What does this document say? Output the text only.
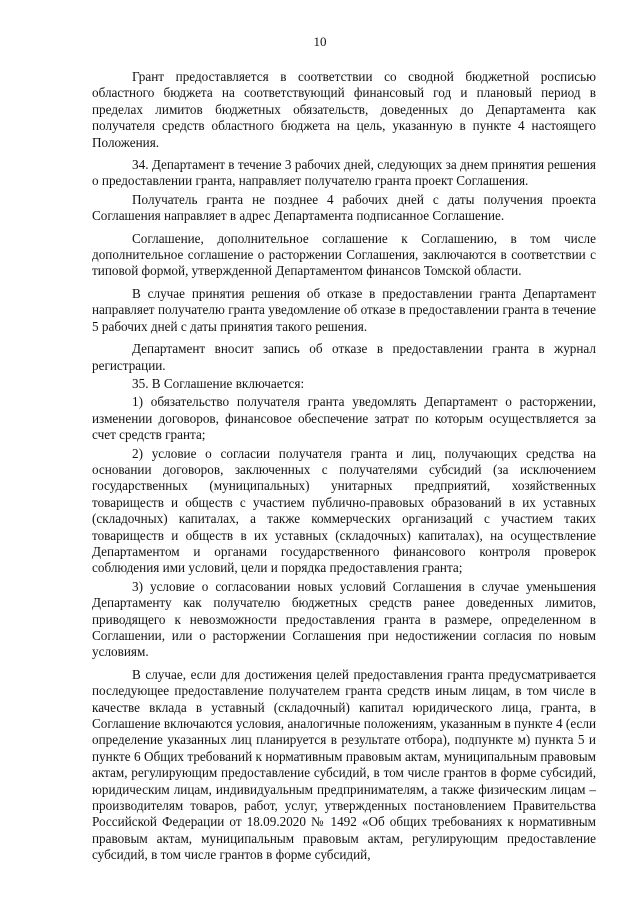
10

Грант предоставляется в соответствии со сводной бюджетной росписью областного бюджета на соответствующий финансовый год и плановый период в пределах лимитов бюджетных обязательств, доведенных до Департамента как получателя средств областного бюджета на цель, указанную в пункте 4 настоящего Положения.

34. Департамент в течение 3 рабочих дней, следующих за днем принятия решения о предоставлении гранта, направляет получателю гранта проект Соглашения.

Получатель гранта не позднее 4 рабочих дней с даты получения проекта Соглашения направляет в адрес Департамента подписанное Соглашение.

Соглашение, дополнительное соглашение к Соглашению, в том числе дополнительное соглашение о расторжении Соглашения, заключаются в соответствии с типовой формой, утвержденной Департаментом финансов Томской области.

В случае принятия решения об отказе в предоставлении гранта Департамент направляет получателю гранта уведомление об отказе в предоставлении гранта в течение 5 рабочих дней с даты принятия такого решения.

Департамент вносит запись об отказе в предоставлении гранта в журнал регистрации.

35. В Соглашение включается:

1) обязательство получателя гранта уведомлять Департамент о расторжении, изменении договоров, финансовое обеспечение затрат по которым осуществляется за счет средств гранта;

2) условие о согласии получателя гранта и лиц, получающих средства на основании договоров, заключенных с получателями субсидий (за исключением государственных (муниципальных) унитарных предприятий, хозяйственных товариществ и обществ с участием публично-правовых образований в их уставных (складочных) капиталах, а также коммерческих организаций с участием таких товариществ и обществ в их уставных (складочных) капиталах), на осуществление Департаментом и органами государственного финансового контроля проверок соблюдения ими условий, цели и порядка предоставления гранта;

3) условие о согласовании новых условий Соглашения в случае уменьшения Департаменту как получателю бюджетных средств ранее доведенных лимитов, приводящего к невозможности предоставления гранта в размере, определенном в Соглашении, или о расторжении Соглашения при недостижении согласия по новым условиям.

В случае, если для достижения целей предоставления гранта предусматривается последующее предоставление получателем гранта средств иным лицам, в том числе в качестве вклада в уставный (складочный) капитал юридического лица, гранта, в Соглашение включаются условия, аналогичные положениям, указанным в пункте 4 (если определение указанных лиц планируется в результате отбора), подпункте м) пункта 5 и пункте 6 Общих требований к нормативным правовым актам, муниципальным правовым актам, регулирующим предоставление субсидий, в том числе грантов в форме субсидий, юридическим лицам, индивидуальным предпринимателям, а также физическим лицам – производителям товаров, работ, услуг, утвержденных постановлением Правительства Российской Федерации от 18.09.2020 № 1492 «Об общих требованиях к нормативным правовым актам, муниципальным правовым актам, регулирующим предоставление субсидий, в том числе грантов в форме субсидий,
